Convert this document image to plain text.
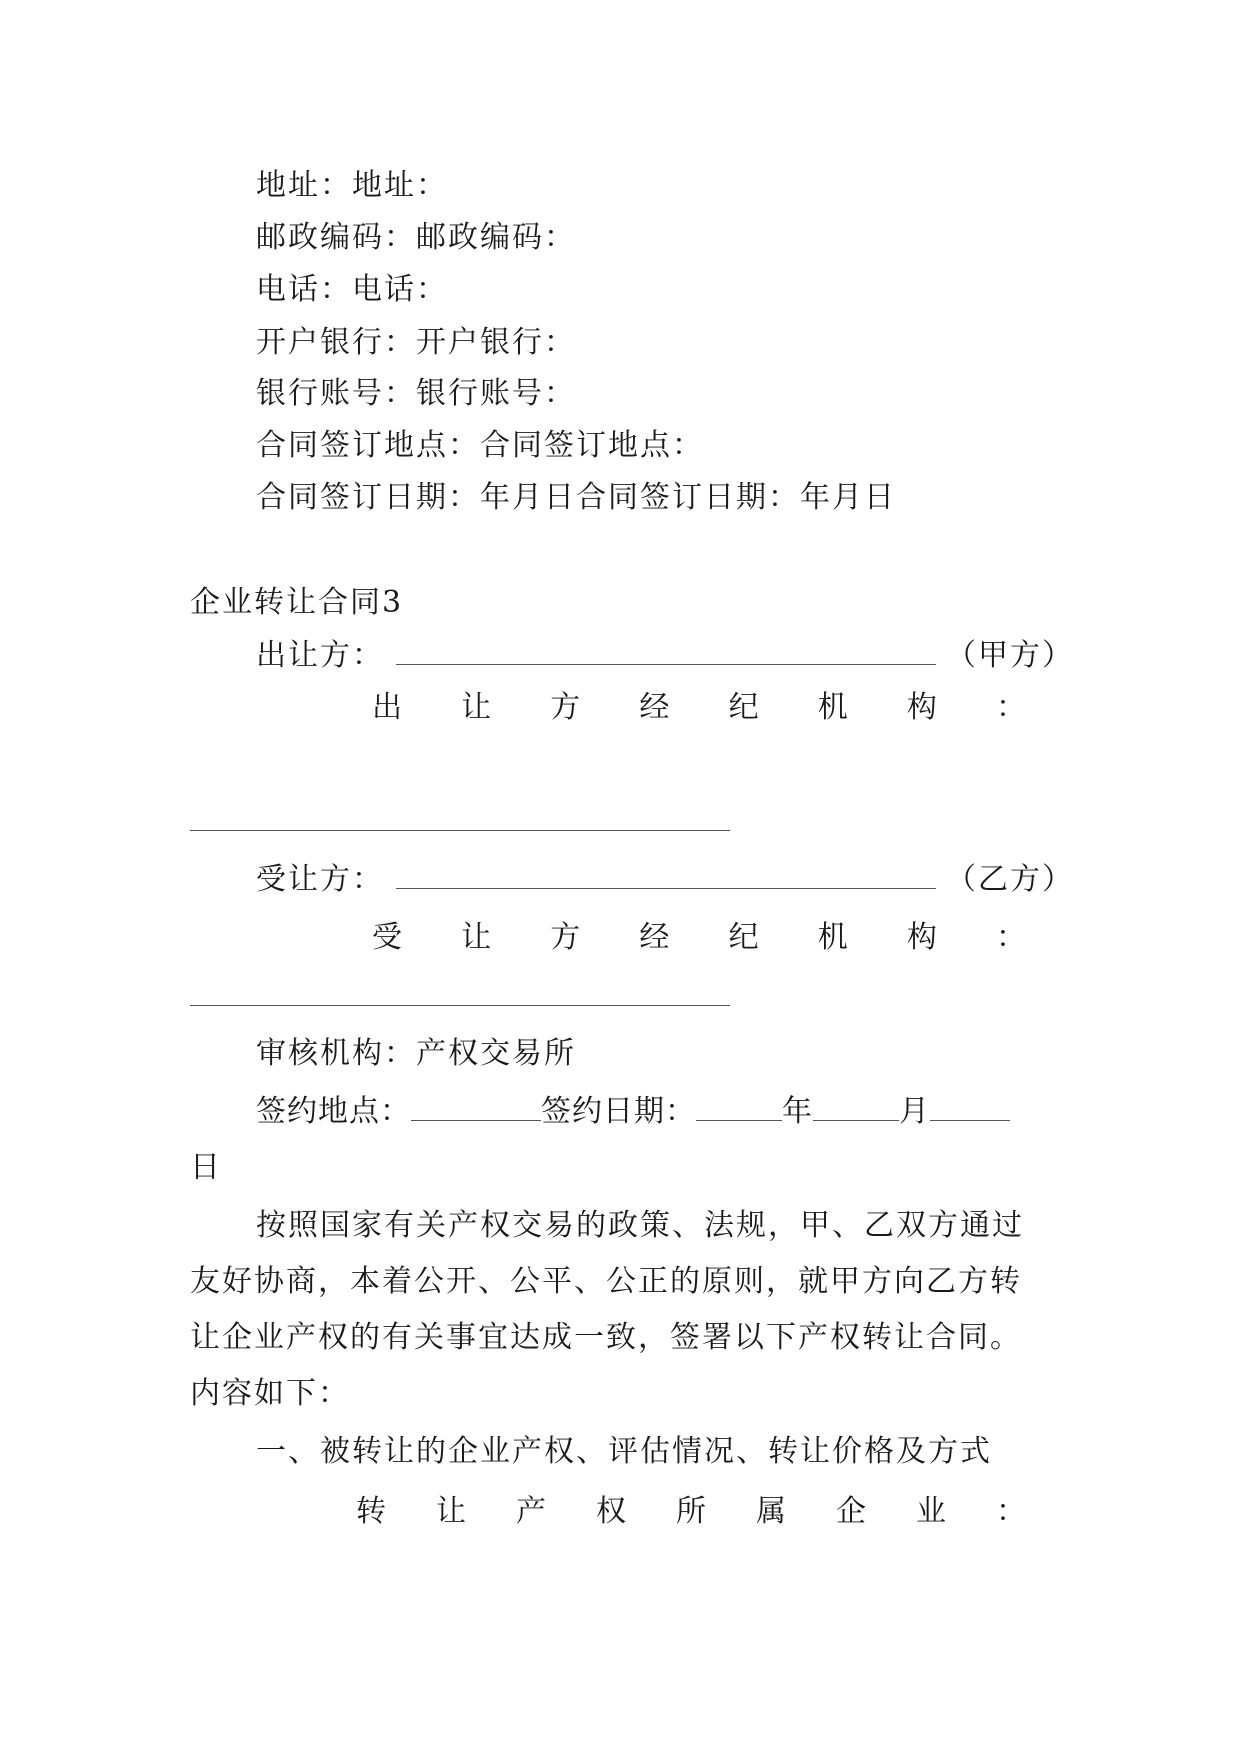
地址：地址：
邮政编码：邮政编码：
电话：电话：
开户银行：开户银行：
银行账号：银行账号：
合同签订地点：合同签订地点：
合同签订日期：年月日合同签订日期：年月日
企业转让合同3
出让方：	（甲方）
出 让 方 经 纪 机 构 ：
受让方：	（乙方）
受 让 方 经 纪 机 构 ：
审核机构：产权交易所
签约地点：	签约日期：	年	月
日
按照国家有关产权交易的政策、法规，甲、乙双方通过
友好协商，本着公开、公平、公正的原则，就甲方向乙方转
让企业产权的有关事宜达成一致，签署以下产权转让合同。
内容如下：
一、被转让的企业产权、评估情况、转让价格及方式
转 让 产 权 所 属 企 业 ：
